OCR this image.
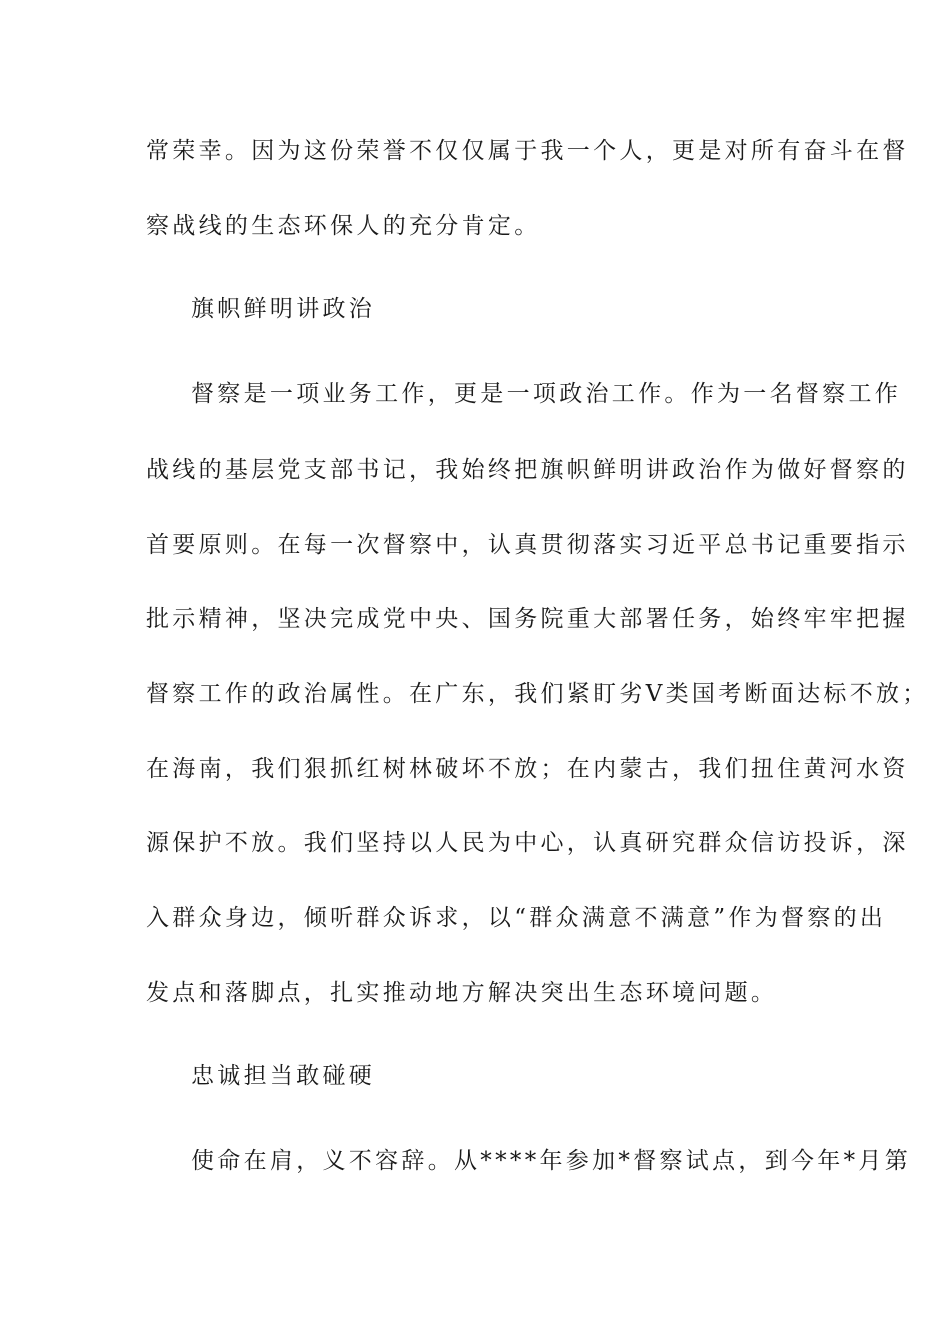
常荣幸。因为这份荣誉不仅仅属于我一个人，更是对所有奋斗在督

察战线的生态环保人的充分肯定。

旗帜鲜明讲政治

督察是一项业务工作，更是一项政治工作。作为一名督察工作

战线的基层党支部书记，我始终把旗帜鲜明讲政治作为做好督察的

首要原则。在每一次督察中，认真贯彻落实习近平总书记重要指示

批示精神，坚决完成党中央、国务院重大部署任务，始终牢牢把握

督察工作的政治属性。在广东，我们紧盯劣Ⅴ类国考断面达标不放；

在海南，我们狠抓红树林破坏不放；在内蒙古，我们扭住黄河水资

源保护不放。我们坚持以人民为中心，认真研究群众信访投诉，深

入群众身边，倾听群众诉求，以“群众满意不满意”作为督察的出

发点和落脚点，扎实推动地方解决突出生态环境问题。

忠诚担当敢碰硬

使命在肩，义不容辞。从****年参加*督察试点，到今年*月第
